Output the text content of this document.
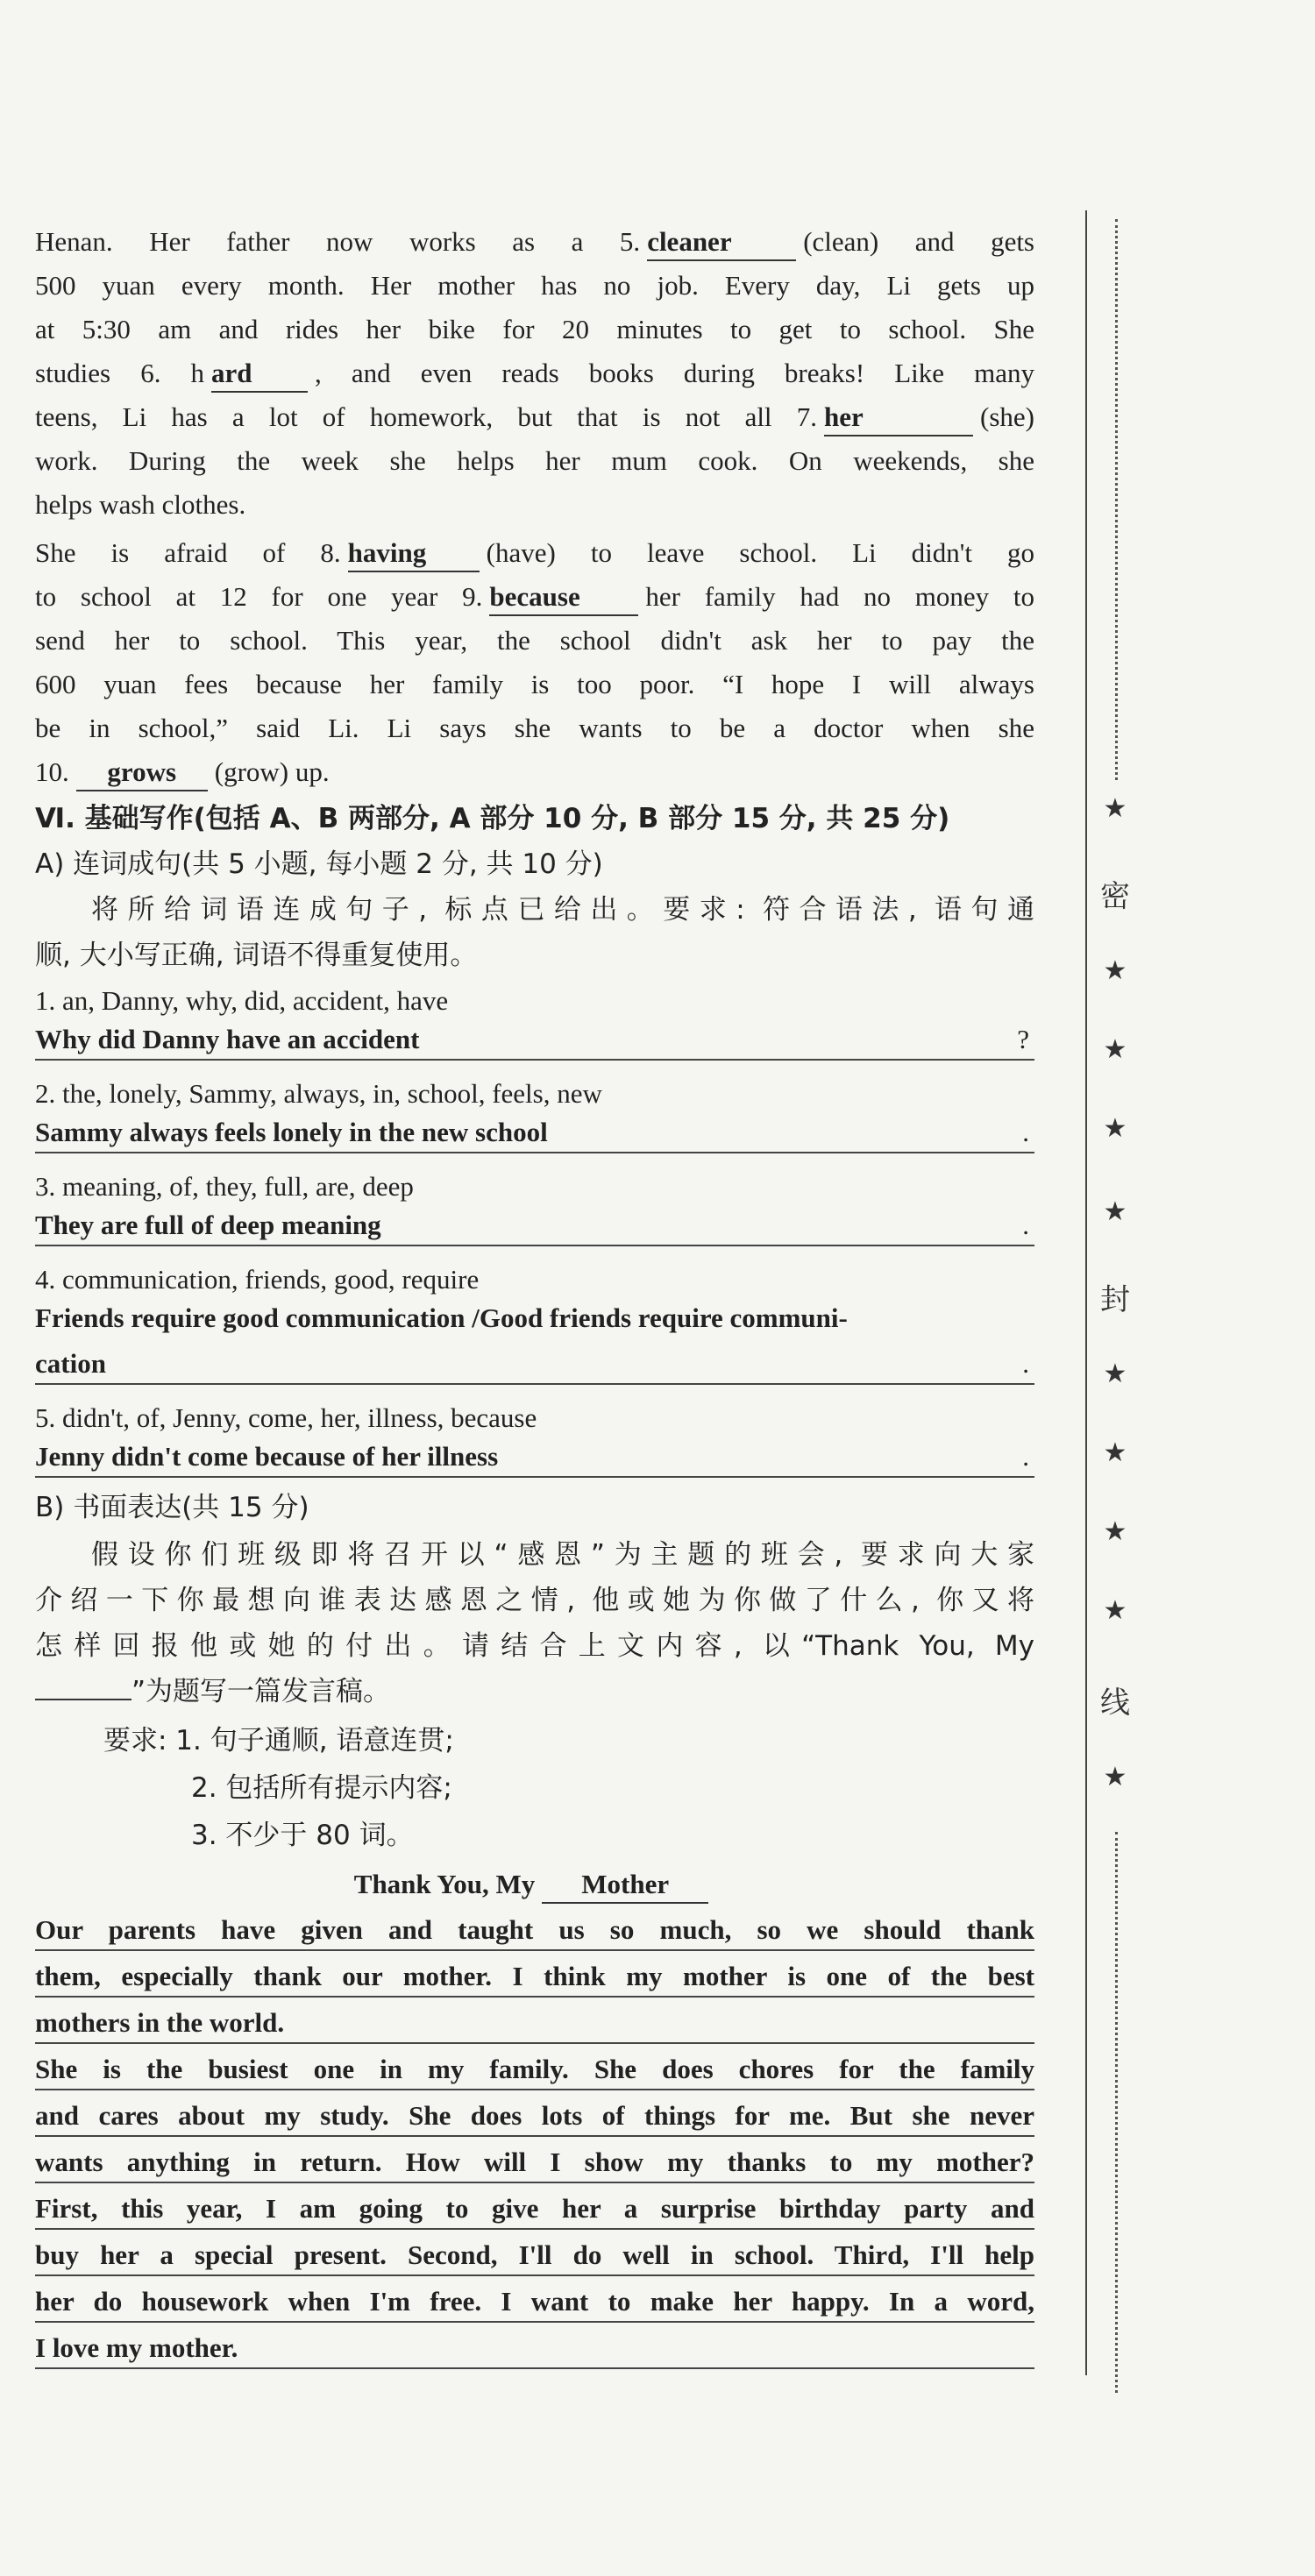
Henan. Her father now works as a 5. cleaner	(clean) and gets
500 yuan every month. Her mother has no job. Every day, Li gets up
at 5:30 am and rides her bike for 20 minutes to get to school. She
studies 6. h ard , and even reads books during breaks! Like many
teens, Li has a lot of homework, but that is not all 7. her	(she)
work. During the week she helps her mum cook. On weekends, she
helps wash clothes.
She is afraid of 8. having (have) to leave school. Li didn't go
to school at 12 for one year 9. because her family had no money to
send her to school. This year, the school didn't ask her to pay the
600 yuan fees because her family is too poor. “I hope I will always
be in school,” said Li. Li says she wants to be a doctor when she
10. grows (grow) up.
Ⅵ. 基础写作(包括 A、B 两部分, A 部分 10 分, B 部分 15 分, 共 25 分)
A) 连词成句(共 5 小题, 每小题 2 分, 共 10 分)
将所给词语连成句子, 标点已给出。要求: 符合语法, 语句通
顺, 大小写正确, 词语不得重复使用。
1. an, Danny, why, did, accident, have
Why did Danny have an accident	?
2. the, lonely, Sammy, always, in, school, feels, new
Sammy always feels lonely in the new school	.
3. meaning, of, they, full, are, deep
They are full of deep meaning	.
4. communication, friends, good, require
Friends require good communication /Good friends require communi-
cation	.
5. didn't, of, Jenny, come, her, illness, because
Jenny didn't come because of her illness	.
B) 书面表达(共 15 分)
假设你们班级即将召开以“感恩”为主题的班会, 要求向大家
介绍一下你最想向谁表达感恩之情, 他或她为你做了什么, 你又将
怎样回报他或她的付出。请结合上文内容, 以“Thank You, My
”为题写一篇发言稿。
要求: 1. 句子通顺, 语意连贯;
2. 包括所有提示内容;
3. 不少于 80 词。
Thank You, My Mother
Our parents have given and taught us so much, so we should thank
them, especially thank our mother. I think my mother is one of the best
mothers in the world.
She is the busiest one in my family. She does chores for the family
and cares about my study. She does lots of things for me. But she never
wants anything in return. How will I show my thanks to my mother?
First, this year, I am going to give her a surprise birthday party and
buy her a special present. Second, I'll do well in school. Third, I'll help
her do housework when I'm free. I want to make her happy. In a word,
I love my mother.
★
密
★
★
★
★
封
★
★
★
★
线
★
